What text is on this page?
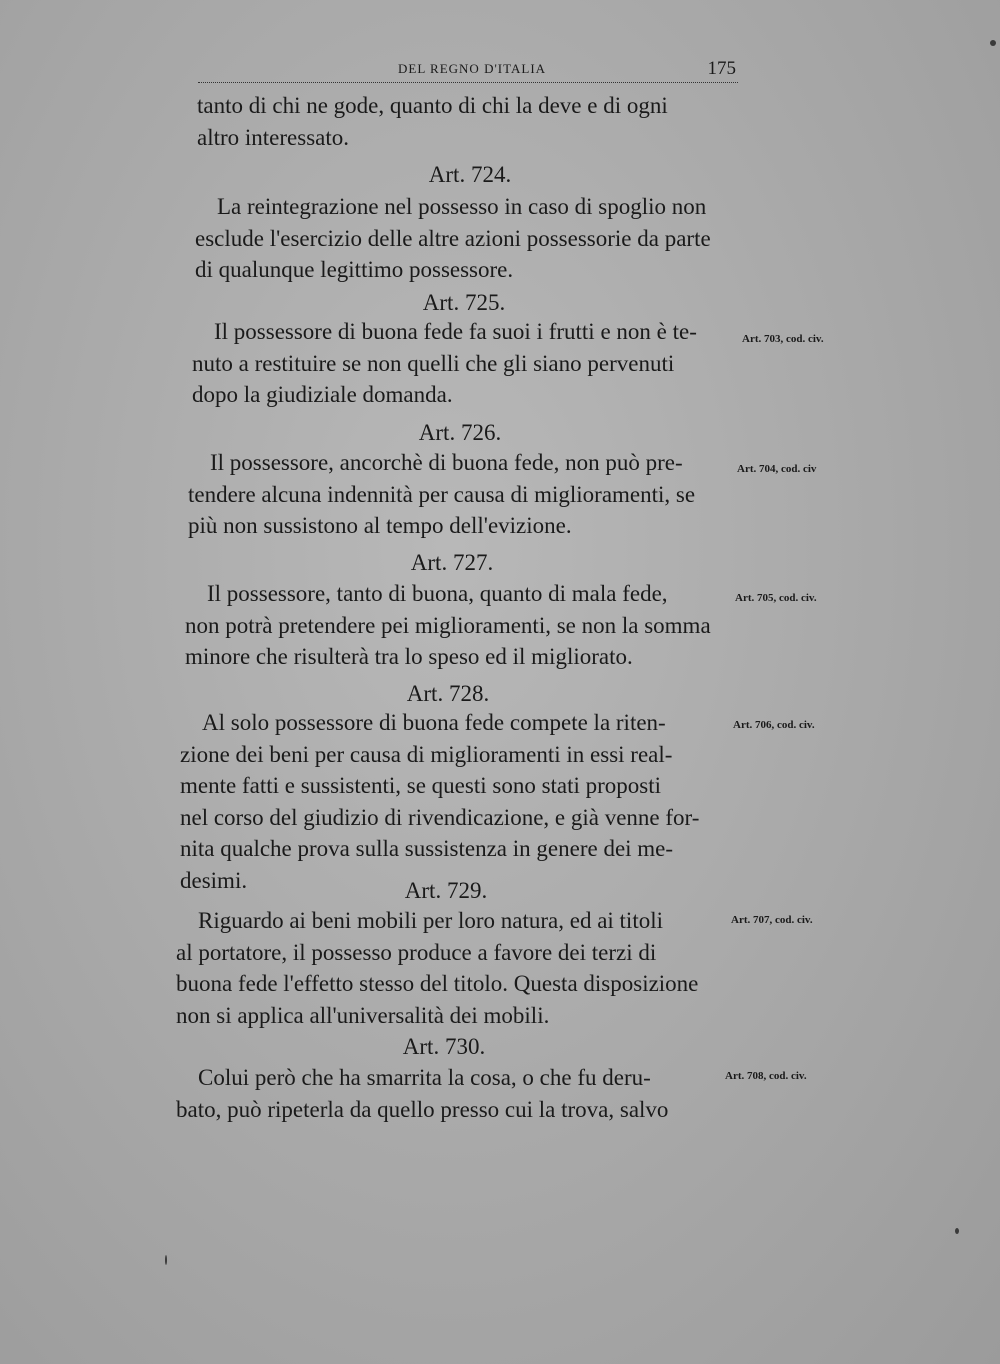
DEL REGNO D'ITALIA	175
tanto di chi ne gode, quanto di chi la deve e di ogni
altro interessato.
Art. 724.
La reintegrazione nel possesso in caso di spoglio non
esclude l'esercizio delle altre azioni possessorie da parte
di qualunque legittimo possessore.
Art. 725.
Il possessore di buona fede fa suoi i frutti e non è te-
nuto a restituire se non quelli che gli siano pervenuti
dopo la giudiziale domanda.
Art. 703, cod. civ.
Art. 726.
Il possessore, ancorchè di buona fede, non può pre-
tendere alcuna indennità per causa di miglioramenti, se
più non sussistono al tempo dell'evizione.
Art. 704, cod. civ
Art. 727.
Il possessore, tanto di buona, quanto di mala fede,
non potrà pretendere pei miglioramenti, se non la somma
minore che risulterà tra lo speso ed il migliorato.
Art. 705, cod. civ.
Art. 728.
Al solo possessore di buona fede compete la riten-
zione dei beni per causa di miglioramenti in essi real-
mente fatti e sussistenti, se questi sono stati proposti
nel corso del giudizio di rivendicazione, e già venne for-
nita qualche prova sulla sussistenza in genere dei me-
desimi.
Art. 706, cod. civ.
Art. 729.
Riguardo ai beni mobili per loro natura, ed ai titoli
al portatore, il possesso produce a favore dei terzi di
buona fede l'effetto stesso del titolo. Questa disposizione
non si applica all'universalità dei mobili.
Art. 707, cod. civ.
Art. 730.
Colui però che ha smarrita la cosa, o che fu deru-
bato, può ripeterla da quello presso cui la trova, salvo
Art. 708, cod. civ.
